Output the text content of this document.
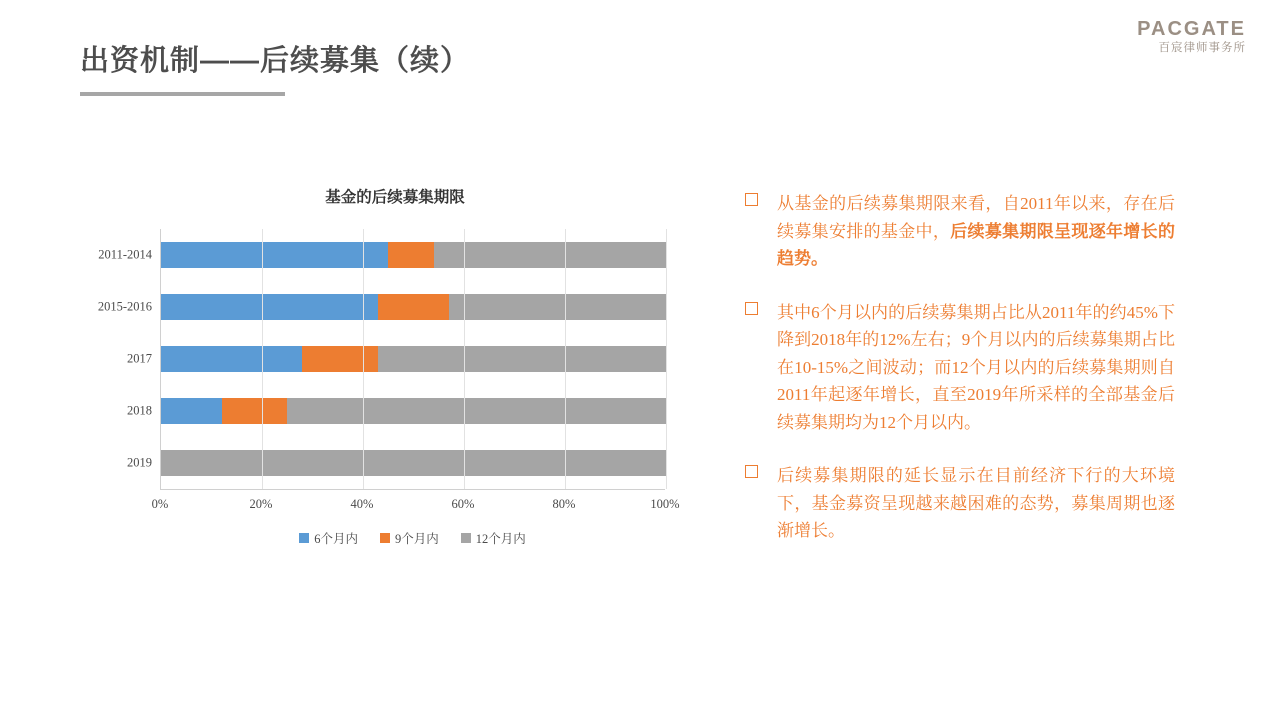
PACGATE
百宸律师事务所
出资机制——后续募集（续）
基金的后续募集期限
2011-2014
2015-2016
2017
2018
2019
0%	20%	40%	60%	80%	100%
6个月内	9个月内	12个月内
从基金的后续募集期限来看，自2011年以来，存在后续募集安排的基金中，后续募集期限呈现逐年增长的趋势。
其中6个月以内的后续募集期占比从2011年的约45%下降到2018年的12%左右；9个月以内的后续募集期占比在10-15%之间波动；而12个月以内的后续募集期则自2011年起逐年增长，直至2019年所采样的全部基金后续募集期均为12个月以内。
后续募集期限的延长显示在目前经济下行的大环境下，基金募资呈现越来越困难的态势，募集周期也逐渐增长。
